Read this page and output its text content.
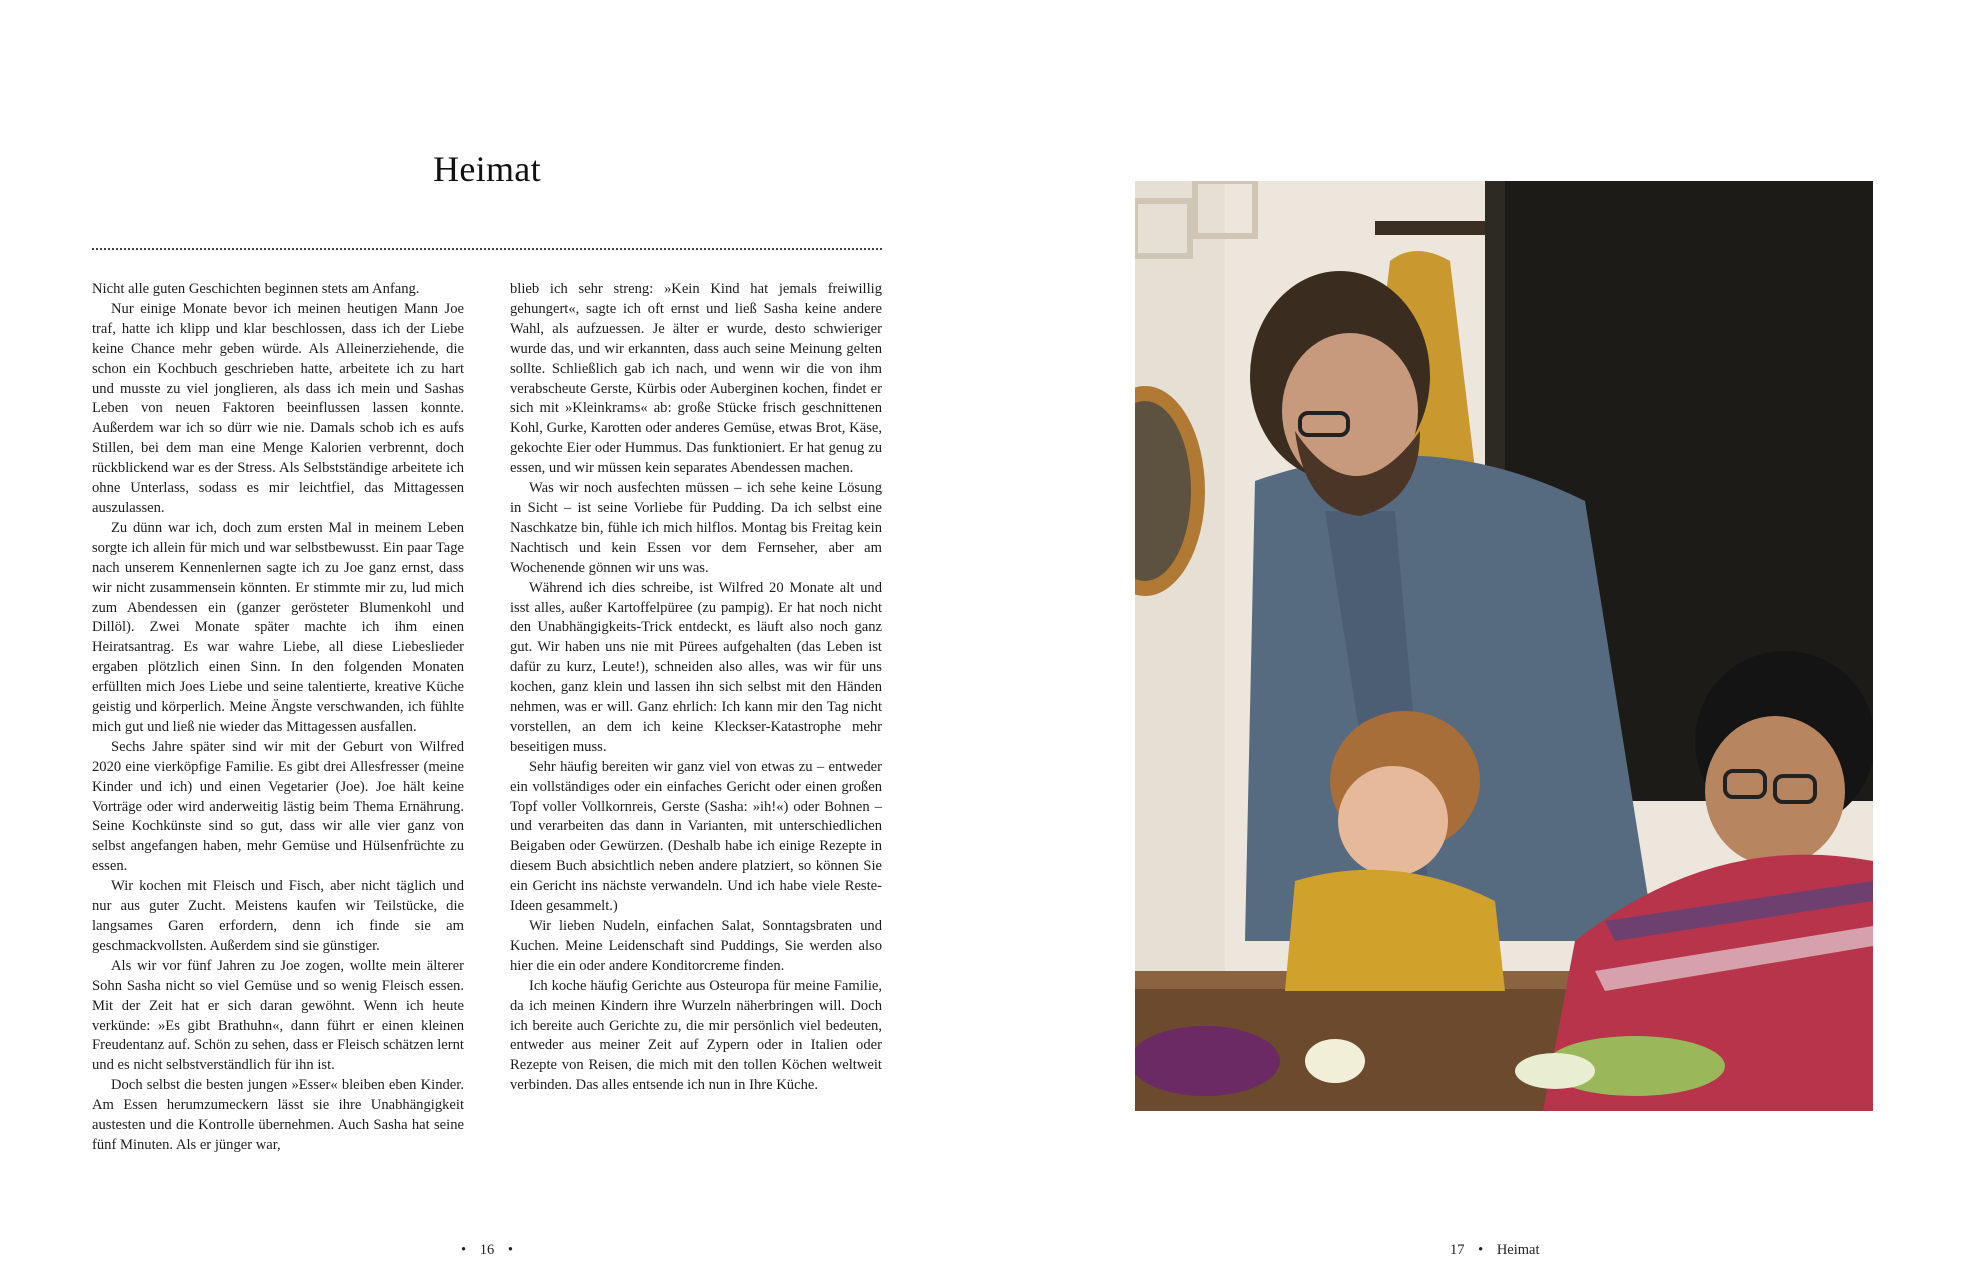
Heimat

Nicht alle guten Geschichten beginnen stets am Anfang.

Nur einige Monate bevor ich meinen heutigen Mann Joe traf, hatte ich klipp und klar beschlossen, dass ich der Liebe keine Chance mehr geben würde. Als Alleinerziehende, die schon ein Kochbuch geschrieben hatte, arbeitete ich zu hart und musste zu viel jonglieren, als dass ich mein und Sashas Leben von neuen Faktoren beeinflussen lassen konnte. Außerdem war ich so dürr wie nie. Damals schob ich es aufs Stillen, bei dem man eine Menge Kalorien verbrennt, doch rückblickend war es der Stress. Als Selbstständige arbeitete ich ohne Unterlass, sodass es mir leichtfiel, das Mittagessen auszulassen.

Zu dünn war ich, doch zum ersten Mal in meinem Leben sorgte ich allein für mich und war selbstbewusst. Ein paar Tage nach unserem Kennenlernen sagte ich zu Joe ganz ernst, dass wir nicht zusammensein könnten. Er stimmte mir zu, lud mich zum Abendessen ein (ganzer gerösteter Blumenkohl und Dillöl). Zwei Monate später machte ich ihm einen Heiratsantrag. Es war wahre Liebe, all diese Liebeslieder ergaben plötzlich einen Sinn. In den folgenden Monaten erfüllten mich Joes Liebe und seine talentierte, kreative Küche geistig und körperlich. Meine Ängste verschwanden, ich fühlte mich gut und ließ nie wieder das Mittagessen ausfallen.

Sechs Jahre später sind wir mit der Geburt von Wilfred 2020 eine vierköpfige Familie. Es gibt drei Allesfresser (meine Kinder und ich) und einen Vegetarier (Joe). Joe hält keine Vorträge oder wird anderweitig lästig beim Thema Ernährung. Seine Kochkünste sind so gut, dass wir alle vier ganz von selbst angefangen haben, mehr Gemüse und Hülsenfrüchte zu essen.

Wir kochen mit Fleisch und Fisch, aber nicht täglich und nur aus guter Zucht. Meistens kaufen wir Teilstücke, die langsames Garen erfordern, denn ich finde sie am geschmackvollsten. Außerdem sind sie günstiger.

Als wir vor fünf Jahren zu Joe zogen, wollte mein älterer Sohn Sasha nicht so viel Gemüse und so wenig Fleisch essen. Mit der Zeit hat er sich daran gewöhnt. Wenn ich heute verkünde: »Es gibt Brathuhn«, dann führt er einen kleinen Freudentanz auf. Schön zu sehen, dass er Fleisch schätzen lernt und es nicht selbstverständlich für ihn ist.

Doch selbst die besten jungen »Esser« bleiben eben Kinder. Am Essen herumzumeckern lässt sie ihre Unabhängigkeit austesten und die Kontrolle übernehmen. Auch Sasha hat seine fünf Minuten. Als er jünger war,

blieb ich sehr streng: »Kein Kind hat jemals freiwillig gehungert«, sagte ich oft ernst und ließ Sasha keine andere Wahl, als aufzuessen. Je älter er wurde, desto schwieriger wurde das, und wir erkannten, dass auch seine Meinung gelten sollte. Schließlich gab ich nach, und wenn wir die von ihm verabscheute Gerste, Kürbis oder Auberginen kochen, findet er sich mit »Kleinkrams« ab: große Stücke frisch geschnittenen Kohl, Gurke, Karotten oder anderes Gemüse, etwas Brot, Käse, gekochte Eier oder Hummus. Das funktioniert. Er hat genug zu essen, und wir müssen kein separates Abendessen machen.

Was wir noch ausfechten müssen – ich sehe keine Lösung in Sicht – ist seine Vorliebe für Pudding. Da ich selbst eine Naschkatze bin, fühle ich mich hilflos. Montag bis Freitag kein Nachtisch und kein Essen vor dem Fernseher, aber am Wochenende gönnen wir uns was.

Während ich dies schreibe, ist Wilfred 20 Monate alt und isst alles, außer Kartoffelpüree (zu pampig). Er hat noch nicht den Unabhängigkeits-Trick entdeckt, es läuft also noch ganz gut. Wir haben uns nie mit Pürees aufgehalten (das Leben ist dafür zu kurz, Leute!), schneiden also alles, was wir für uns kochen, ganz klein und lassen ihn sich selbst mit den Händen nehmen, was er will. Ganz ehrlich: Ich kann mir den Tag nicht vorstellen, an dem ich keine Kleckser-Katastrophe mehr beseitigen muss.

Sehr häufig bereiten wir ganz viel von etwas zu – entweder ein vollständiges oder ein einfaches Gericht oder einen großen Topf voller Vollkornreis, Gerste (Sasha: »ih!«) oder Bohnen – und verarbeiten das dann in Varianten, mit unterschiedlichen Beigaben oder Gewürzen. (Deshalb habe ich einige Rezepte in diesem Buch absichtlich neben andere platziert, so können Sie ein Gericht ins nächste verwandeln. Und ich habe viele Reste-Ideen gesammelt.)

Wir lieben Nudeln, einfachen Salat, Sonntagsbraten und Kuchen. Meine Leidenschaft sind Puddings, Sie werden also hier die ein oder andere Konditorcreme finden.

Ich koche häufig Gerichte aus Osteuropa für meine Familie, da ich meinen Kindern ihre Wurzeln näherbringen will. Doch ich bereite auch Gerichte zu, die mir persönlich viel bedeuten, entweder aus meiner Zeit auf Zypern oder in Italien oder Rezepte von Reisen, die mich mit den tollen Köchen weltweit verbinden. Das alles entsende ich nun in Ihre Küche.

• 16 •	17 • Heimat
